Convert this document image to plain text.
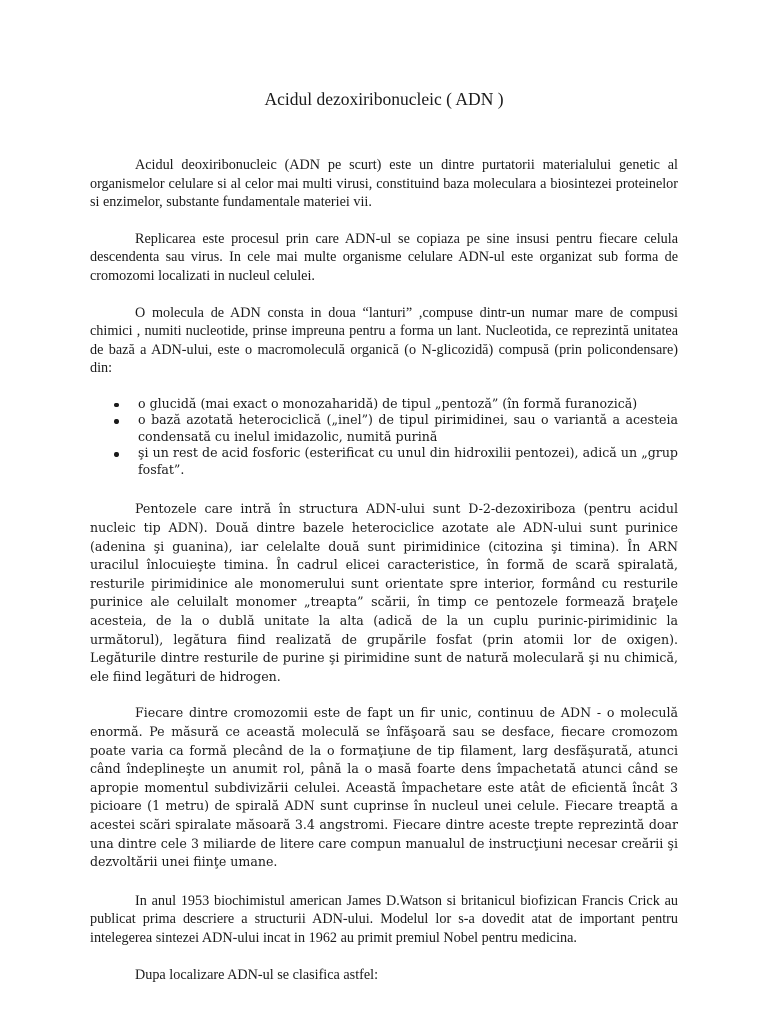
Acidul dezoxiribonucleic ( ADN )

Acidul deoxiribonucleic (ADN pe scurt) este un dintre purtatorii materialului genetic al organismelor celulare si al celor mai multi virusi, constituind baza moleculara a biosintezei proteinelor si enzimelor, substante fundamentale materiei vii.

Replicarea este procesul prin care ADN-ul se copiaza pe sine insusi pentru fiecare celula descendenta sau virus. In cele mai multe organisme celulare ADN-ul este organizat sub forma de cromozomi localizati in nucleul celulei.

O molecula de ADN consta in doua “lanturi” ,compuse dintr-un numar mare de compusi chimici , numiti nucleotide, prinse impreuna pentru a forma un lant. Nucleotida, ce reprezintă unitatea de bază a ADN-ului, este o macromoleculă organică (o N-glicozidă) compusă (prin policondensare) din:

o glucidă (mai exact o monozaharidă) de tipul „pentoză” (în formă furanozică)
o bază azotată heterociclică („inel”) de tipul pirimidinei, sau o variantă a acesteia condensată cu inelul imidazolic, numită purină
şi un rest de acid fosforic (esterificat cu unul din hidroxilii pentozei), adică un „grup fosfat”.

Pentozele care intră în structura ADN-ului sunt D-2-dezoxiriboza (pentru acidul nucleic tip ADN). Două dintre bazele heterociclice azotate ale ADN-ului sunt purinice (adenina şi guanina), iar celelalte două sunt pirimidinice (citozina şi timina). În ARN uracilul înlocuieşte timina. În cadrul elicei caracteristice, în formă de scară spiralată, resturile pirimidinice ale monomerului sunt orientate spre interior, formând cu resturile purinice ale celuilalt monomer „treapta” scării, în timp ce pentozele formează braţele acesteia, de la o dublă unitate la alta (adică de la un cuplu purinic-pirimidinic la următorul), legătura fiind realizată de grupările fosfat (prin atomii lor de oxigen). Legăturile dintre resturile de purine şi pirimidine sunt de natură moleculară şi nu chimică, ele fiind legături de hidrogen.

Fiecare dintre cromozomii este de fapt un fir unic, continuu de ADN - o moleculă enormă. Pe măsură ce această moleculă se înfăşoară sau se desface, fiecare cromozom poate varia ca formă plecând de la o formaţiune de tip filament, larg desfăşurată, atunci când îndeplineşte un anumit rol, până la o masă foarte dens împachetată atunci când se apropie momentul subdivizării celulei. Această împachetare este atât de eficientă încât 3 picioare (1 metru) de spirală ADN sunt cuprinse în nucleul unei celule. Fiecare treaptă a acestei scări spiralate măsoară 3.4 angstromi. Fiecare dintre aceste trepte reprezintă doar una dintre cele 3 miliarde de litere care compun manualul de instrucţiuni necesar creării şi dezvoltării unei fiinţe umane.

In anul 1953 biochimistul american James D.Watson si britanicul biofizican Francis Crick au publicat prima descriere a structurii ADN-ului. Modelul lor s-a dovedit atat de important pentru intelegerea sintezei ADN-ului incat in 1962 au primit premiul Nobel pentru medicina.

Dupa localizare ADN-ul se clasifica astfel:
